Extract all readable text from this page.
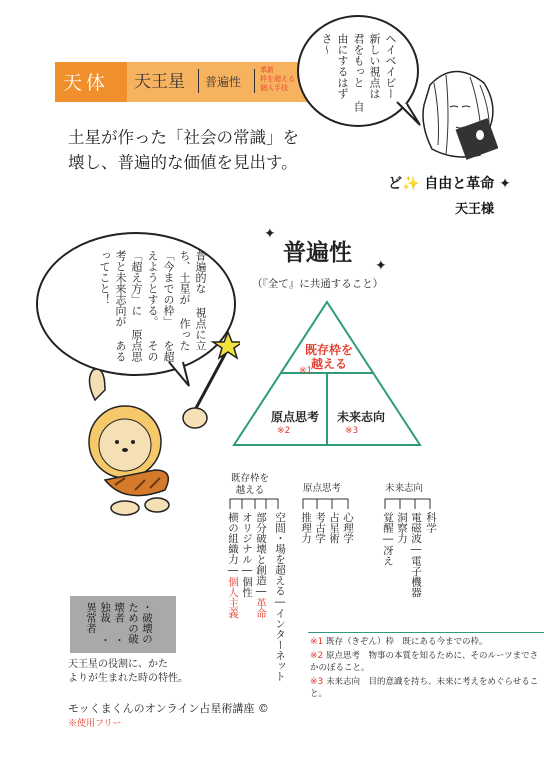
天体 天王星 普遍性
革新
枠を超える
個人手技
土星が作った「社会の常識」を
壊し、普遍的な価値を見出す。
ヘイベイビー  新しい視点は 君をもっと 自由にするはず さ〜
ど✨ 自由と革命 ✦
天王様
✦
✦
普遍性
（『全て』に共通すること）
普遍的な 視点に立ち、土星が 作った「今までの枠」 を超えようとする。 その「超え方」に 原点思考と未来志向が あるってこと！
既存枠を越える
※1
原点思考
※2
未来志向
※3
既存枠を
越える
空間・場を超える―インターネット
部分破壊と創造―革命
オリジナル―個性
横の組織力―個人主義
原点思考
心理学
占星術
考古学
推理力
未来志向
科学
電磁波―電子機器
洞察力
覚醒―冴え
・破壊のための破壊者 ・独裁 ・異常者
天王星の役割に、かた
よりが生まれた時の特性。
※1 既存（きぞん）枠　既にある今までの枠。
※2 原点思考　物事の本質を知るために、そのルーツまでさかのぼること。
※3 未来志向　目的意識を持ち、未来に考えをめぐらせること。
モッくまくんのオンライン占星術講座 ©
※使用フリー
